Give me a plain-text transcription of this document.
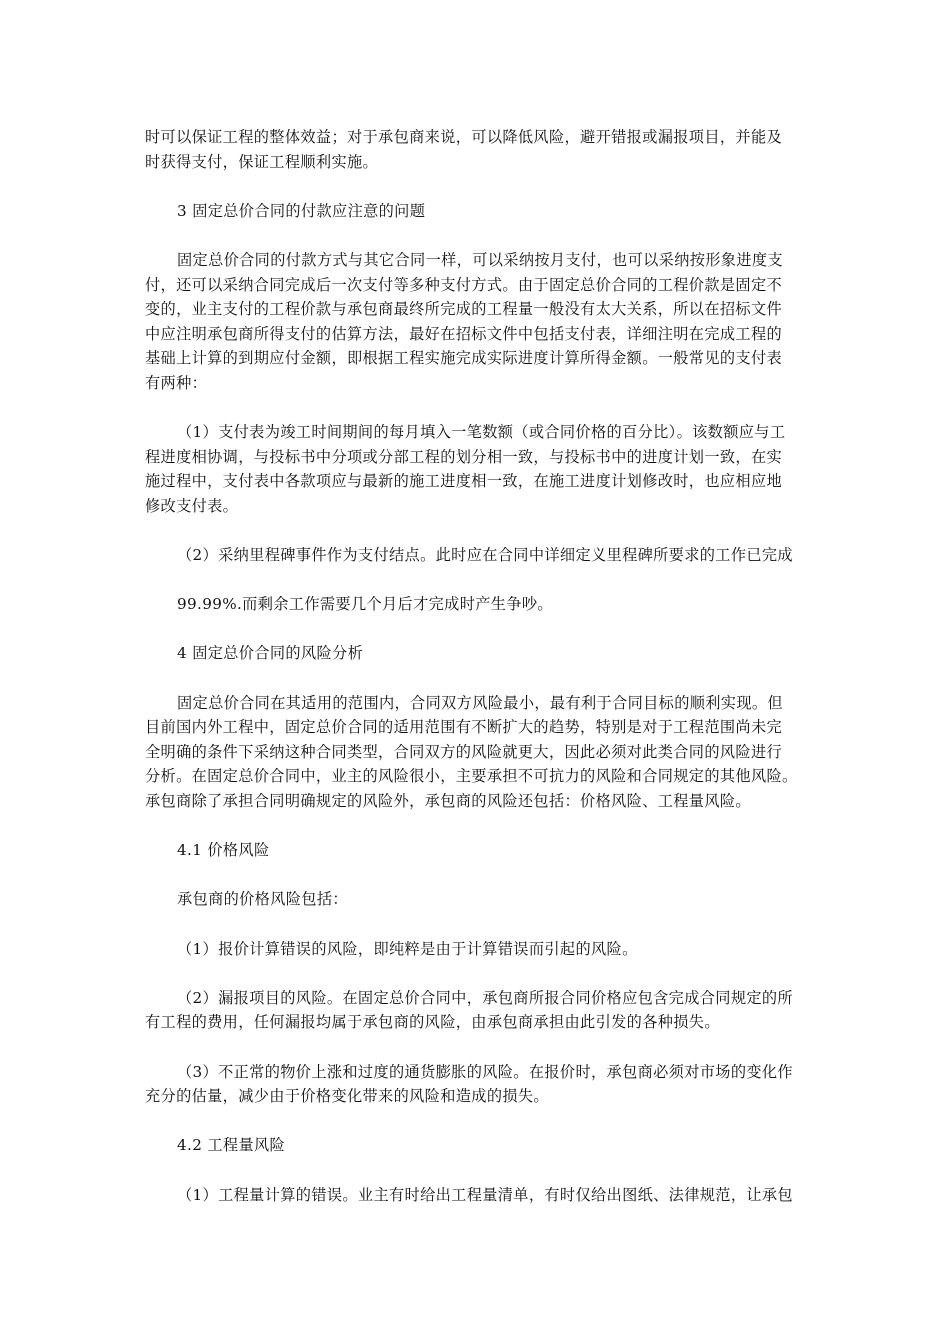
时可以保证工程的整体效益；对于承包商来说，可以降低风险，避开错报或漏报项目，并能及
时获得支付，保证工程顺利实施。
3 固定总价合同的付款应注意的问题
固定总价合同的付款方式与其它合同一样，可以采纳按月支付，也可以采纳按形象进度支
付，还可以采纳合同完成后一次支付等多种支付方式。由于固定总价合同的工程价款是固定不
变的，业主支付的工程价款与承包商最终所完成的工程量一般没有太大关系，所以在招标文件
中应注明承包商所得支付的估算方法，最好在招标文件中包括支付表，详细注明在完成工程的
基础上计算的到期应付金额，即根据工程实施完成实际进度计算所得金额。一般常见的支付表
有两种：
（1）支付表为竣工时间期间的每月填入一笔数额（或合同价格的百分比）。该数额应与工
程进度相协调，与投标书中分项或分部工程的划分相一致，与投标书中的进度计划一致，在实
施过程中，支付表中各款项应与最新的施工进度相一致，在施工进度计划修改时，也应相应地
修改支付表。
（2）采纳里程碑事件作为支付结点。此时应在合同中详细定义里程碑所要求的工作已完成
99.99%.而剩余工作需要几个月后才完成时产生争吵。
4 固定总价合同的风险分析
固定总价合同在其适用的范围内，合同双方风险最小，最有利于合同目标的顺利实现。但
目前国内外工程中，固定总价合同的适用范围有不断扩大的趋势，特别是对于工程范围尚未完
全明确的条件下采纳这种合同类型，合同双方的风险就更大，因此必须对此类合同的风险进行
分析。在固定总价合同中，业主的风险很小，主要承担不可抗力的风险和合同规定的其他风险。
承包商除了承担合同明确规定的风险外，承包商的风险还包括：价格风险、工程量风险。
4.1 价格风险
承包商的价格风险包括：
（1）报价计算错误的风险，即纯粹是由于计算错误而引起的风险。
（2）漏报项目的风险。在固定总价合同中，承包商所报合同价格应包含完成合同规定的所
有工程的费用，任何漏报均属于承包商的风险，由承包商承担由此引发的各种损失。
（3）不正常的物价上涨和过度的通货膨胀的风险。在报价时，承包商必须对市场的变化作
充分的估量，减少由于价格变化带来的风险和造成的损失。
4.2 工程量风险
（1）工程量计算的错误。业主有时给出工程量清单，有时仅给出图纸、法律规范，让承包
